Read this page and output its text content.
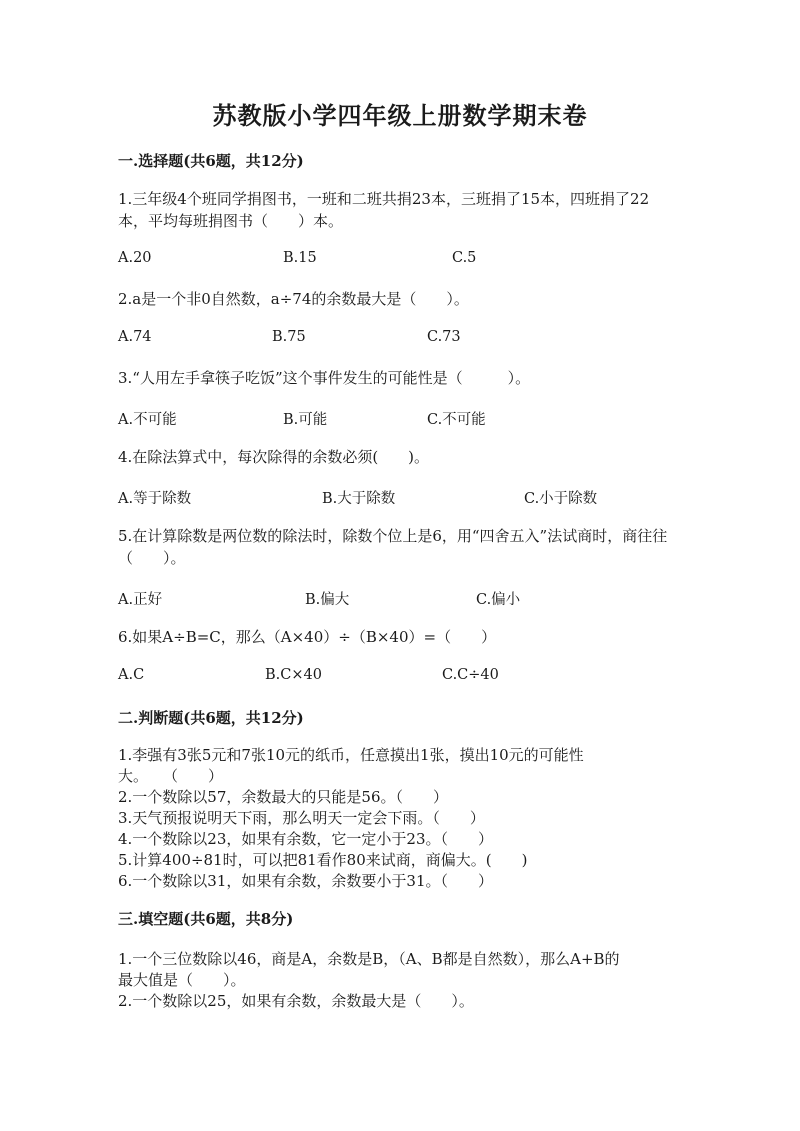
苏教版小学四年级上册数学期末卷
一.选择题(共6题，共12分)
1.三年级4个班同学捐图书，一班和二班共捐23本，三班捐了15本，四班捐了22本，平均每班捐图书（　　）本。
A.20	B.15	C.5
2.a是一个非0自然数，a÷74的余数最大是（　　）。
A.74	B.75	C.73
3.“人用左手拿筷子吃饭”这个事件发生的可能性是（　　　）。
A.不可能	B.可能	C.不可能
4.在除法算式中，每次除得的余数必须(　　)。
A.等于除数	B.大于除数	C.小于除数
5.在计算除数是两位数的除法时，除数个位上是6，用“四舍五入”法试商时，商往往（　　）。
A.正好	B.偏大	C.偏小
6.如果A÷B=C，那么（A×40）÷（B×40）=（　　）
A.C	B.C×40	C.C÷40
二.判断题(共6题，共12分)
1.李强有3张5元和7张10元的纸币，任意摸出1张，摸出10元的可能性
大。　　（　　）
2.一个数除以57，余数最大的只能是56。（　　）
3.天气预报说明天下雨，那么明天一定会下雨。（　　）
4.一个数除以23，如果有余数，它一定小于23。（　　）
5.计算400÷81时，可以把81看作80来试商，商偏大。(　　)
6.一个数除以31，如果有余数，余数要小于31。（　　）
三.填空题(共6题，共8分)
1.一个三位数除以46，商是A，余数是B，（A、B都是自然数），那么A+B的
最大值是（　　）。
2.一个数除以25，如果有余数，余数最大是（　　）。
